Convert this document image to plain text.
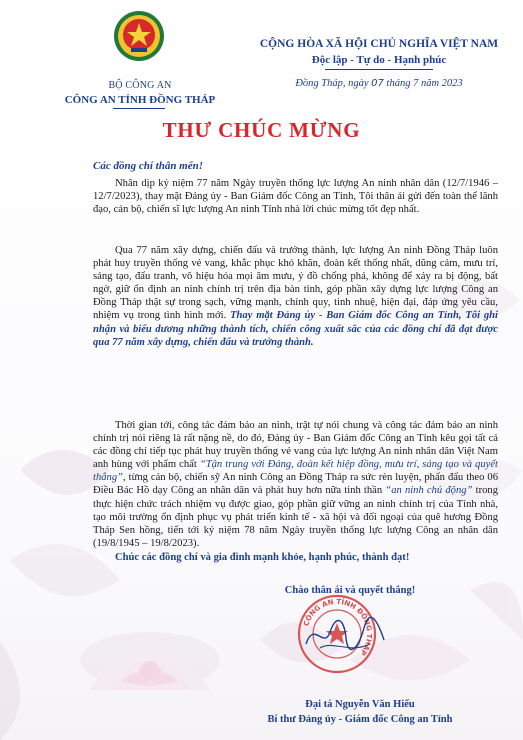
BỘ CÔNG AN
CÔNG AN TỈNH ĐỒNG THÁP
CỘNG HÒA XÃ HỘI CHỦ NGHĨA VIỆT NAM
Độc lập - Tự do - Hạnh phúc
Đồng Tháp, ngày 07 tháng 7 năm 2023
THƯ CHÚC MỪNG
Các đồng chí thân mến!

Nhân dịp kỷ niệm 77 năm Ngày truyền thống lực lượng An ninh nhân dân (12/7/1946 – 12/7/2023), thay mặt Đảng ủy - Ban Giám đốc Công an Tỉnh, Tôi thân ái gửi đến toàn thể lãnh đạo, cán bộ, chiến sĩ lực lượng An ninh Tỉnh nhà lời chúc mừng tốt đẹp nhất.

Qua 77 năm xây dựng, chiến đấu và trưởng thành, lực lượng An ninh Đồng Tháp luôn phát huy truyền thống vẻ vang, khắc phục khó khăn, đoàn kết thống nhất, dũng cảm, mưu trí, sáng tạo, đấu tranh, vô hiệu hóa mọi âm mưu, ý đồ chống phá, không để xảy ra bị động, bất ngờ, giữ ổn định an ninh chính trị trên địa bàn tỉnh, góp phần xây dựng lực lượng Công an Đồng Tháp thật sự trong sạch, vững mạnh, chính quy, tinh nhuệ, hiện đại, đáp ứng yêu cầu, nhiệm vụ trong tình hình mới. Thay mặt Đảng ủy - Ban Giám đốc Công an Tỉnh, Tôi ghi nhận và biểu dương những thành tích, chiến công xuất sắc của các đồng chí đã đạt được qua 77 năm xây dựng, chiến đấu và trưởng thành.

Thời gian tới, công tác đảm bảo an ninh, trật tự nói chung và công tác đảm bảo an ninh chính trị nói riêng là rất nặng nề, do đó, Đảng ủy - Ban Giám đốc Công an Tỉnh kêu gọi tất cả các đồng chí tiếp tục phát huy truyền thống vẻ vang của lực lượng An ninh nhân dân Việt Nam anh hùng với phẩm chất “Tận trung với Đảng, đoàn kết hiệp đồng, mưu trí, sáng tạo và quyết thắng”, từng cán bộ, chiến sỹ An ninh Công an Đồng Tháp ra sức rèn luyện, phấn đấu theo 06 Điều Bác Hồ dạy Công an nhân dân và phát huy hơn nữa tinh thần “an ninh chủ động” trong thực hiện chức trách nhiệm vụ được giao, góp phần giữ vững an ninh chính trị của Tỉnh nhà, tạo môi trường ổn định phục vụ phát triển kinh tế - xã hội và đối ngoại của quê hương Đồng Tháp Sen hồng, tiến tới kỷ niệm 78 năm Ngày truyền thống lực lượng Công an nhân dân (19/8/1945 – 19/8/2023).

Chúc các đồng chí và gia đình mạnh khỏe, hạnh phúc, thành đạt!
Chào thân ái và quyết thắng!
CÔNG AN TỈNH ĐỒNG THÁP
Đại tá Nguyễn Văn Hiếu
Bí thư Đảng ủy - Giám đốc Công an Tỉnh
